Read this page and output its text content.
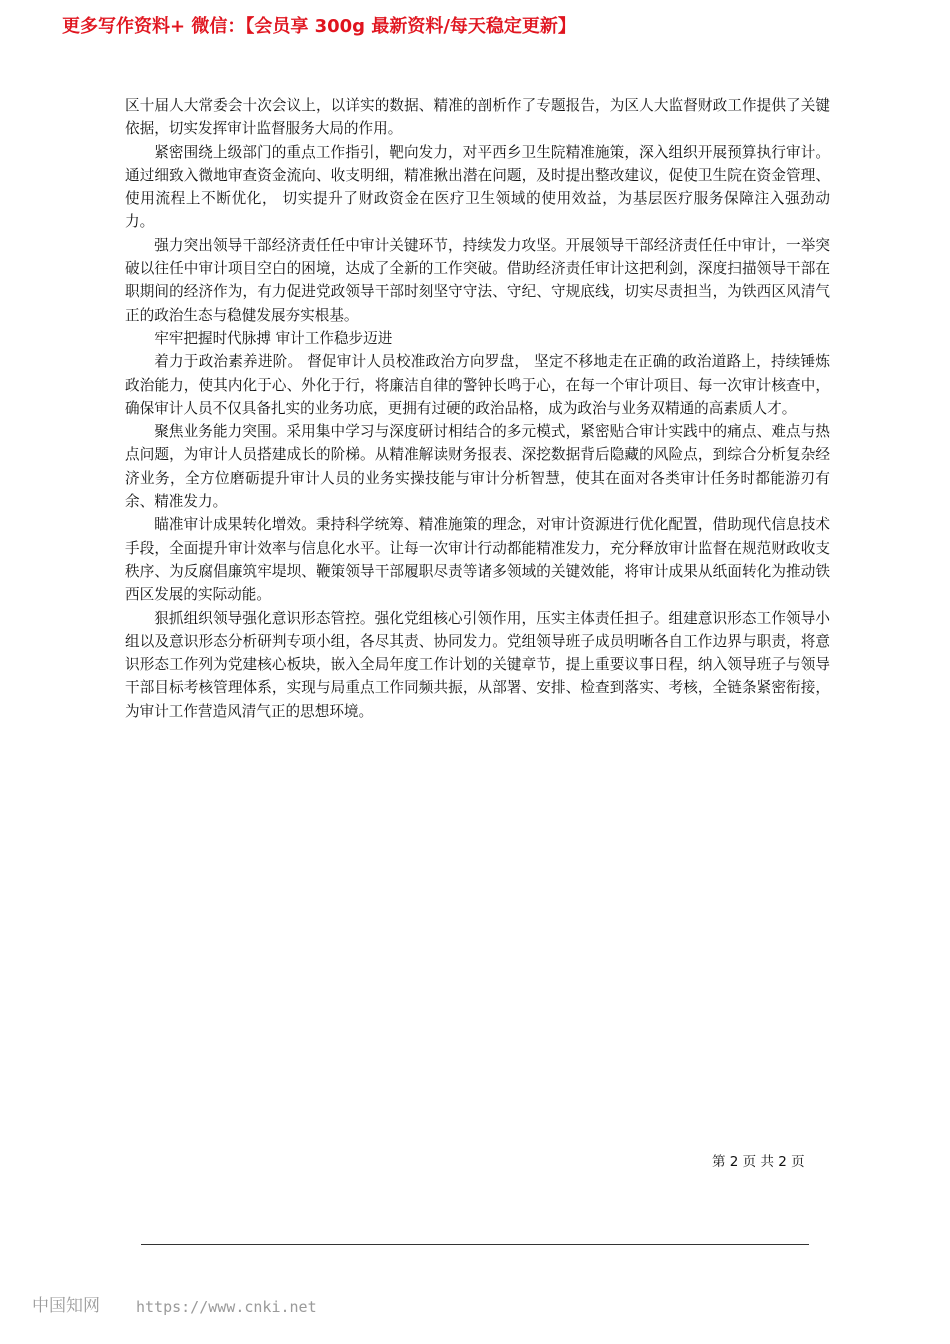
更多写作资料+ 微信：【会员享 300g 最新资料/每天稳定更新】

区十届人大常委会十次会议上，以详实的数据、精准的剖析作了专题报告，为区人大监督财政工作提供了关键依据，切实发挥审计监督服务大局的作用。

紧密围绕上级部门的重点工作指引，靶向发力，对平西乡卫生院精准施策，深入组织开展预算执行审计。通过细致入微地审查资金流向、收支明细，精准揪出潜在问题，及时提出整改建议，促使卫生院在资金管理、 使用流程上不断优化， 切实提升了财政资金在医疗卫生领域的使用效益，为基层医疗服务保障注入强劲动力。

强力突出领导干部经济责任任中审计关键环节，持续发力攻坚。开展领导干部经济责任任中审计，一举突破以往任中审计项目空白的困境，达成了全新的工作突破。借助经济责任审计这把利剑，深度扫描领导干部在职期间的经济作为，有力促进党政领导干部时刻坚守守法、守纪、守规底线，切实尽责担当，为铁西区风清气正的政治生态与稳健发展夯实根基。

牢牢把握时代脉搏 审计工作稳步迈进

着力于政治素养进阶。 督促审计人员校准政治方向罗盘， 坚定不移地走在正确的政治道路上，持续锤炼政治能力，使其内化于心、外化于行，将廉洁自律的警钟长鸣于心，在每一个审计项目、每一次审计核查中，确保审计人员不仅具备扎实的业务功底，更拥有过硬的政治品格，成为政治与业务双精通的高素质人才。

聚焦业务能力突围。采用集中学习与深度研讨相结合的多元模式，紧密贴合审计实践中的痛点、难点与热点问题，为审计人员搭建成长的阶梯。从精准解读财务报表、深挖数据背后隐藏的风险点，到综合分析复杂经济业务，全方位磨砺提升审计人员的业务实操技能与审计分析智慧，使其在面对各类审计任务时都能游刃有余、精准发力。

瞄准审计成果转化增效。秉持科学统筹、精准施策的理念，对审计资源进行优化配置，借助现代信息技术手段，全面提升审计效率与信息化水平。让每一次审计行动都能精准发力，充分释放审计监督在规范财政收支秩序、为反腐倡廉筑牢堤坝、鞭策领导干部履职尽责等诸多领域的关键效能，将审计成果从纸面转化为推动铁西区发展的实际动能。

狠抓组织领导强化意识形态管控。强化党组核心引领作用，压实主体责任担子。组建意识形态工作领导小组以及意识形态分析研判专项小组，各尽其责、协同发力。党组领导班子成员明晰各自工作边界与职责，将意识形态工作列为党建核心板块，嵌入全局年度工作计划的关键章节，提上重要议事日程，纳入领导班子与领导干部目标考核管理体系，实现与局重点工作同频共振，从部署、安排、检查到落实、考核，全链条紧密衔接，为审计工作营造风清气正的思想环境。

第 2 页 共 2 页
中国知网	https://www.cnki.net
